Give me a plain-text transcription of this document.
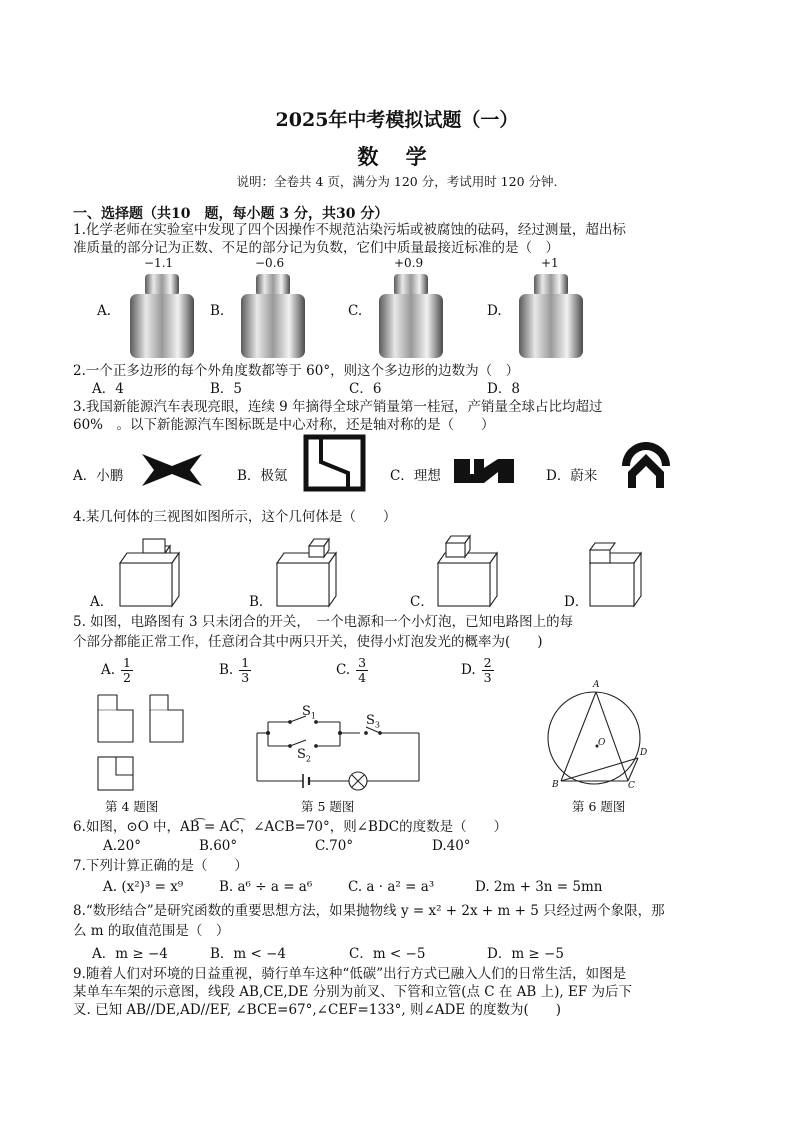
2025年中考模拟试题（一）
数 学
说明：全卷共 4 页，满分为 120 分，考试用时 120 分钟.
一、选择题（共10　题，每小题 3 分，共30 分）
1.化学老师在实验室中发现了四个因操作不规范沾染污垢或被腐蚀的砝码，经过测量，超出标
准质量的部分记为正数、不足的部分记为负数，它们中质量最接近标准的是（　）
−1.1	−0.6	+0.9	+1
A.	B.	C.	D.
2.一个正多边形的每个外角度数都等于 60°，则这个多边形的边数为（　）
A．4	B．5	C．6	D．8
3.我国新能源汽车表现亮眼，连续 9 年摘得全球产销量第一桂冠，产销量全球占比均超过
60%　。以下新能源汽车图标既是中心对称，还是轴对称的是（　　）
A．小鹏	B．极氪	C．理想	D．蔚来
4.某几何体的三视图如图所示，这个几何体是（　　）
A．	B．	C．	D．
5. 如图，电路图有 3 只未闭合的开关，　一个电源和一个小灯泡，已知电路图上的每
个部分都能正常工作，任意闭合其中两只开关，使得小灯泡发光的概率为(　　)
A. $\frac{1}{2}$	B. $\frac{1}{3}$	C. $\frac{3}{4}$	D. $\frac{2}{3}$
$S_1$
$S_2$
$S_3$
A
B	C
D
O
第 4 题图	第 5 题图	第 6 题图
6.如图，⊙O 中，AB͡ = AC͡，∠ACB=70°，则∠BDC的度数是（　　）
A.20°	B.60°	C.70°	D.40°
7.下列计算正确的是（　　）
A. (x²)³ = x⁹	B. a⁶ ÷ a = a⁶	C. a · a² = a³	D. 2m + 3n = 5mn
8.“数形结合”是研究函数的重要思想方法，如果抛物线 y = x² + 2x + m + 5 只经过两个象限，那
么 m 的取值范围是（　）
A．m ≥ −4	B．m < −4	C．m < −5	D．m ≥ −5
9.随着人们对环境的日益重视，骑行单车这种“低碳”出行方式已融入人们的日常生活，如图是
某单车车架的示意图，线段 AB,CE,DE 分别为前叉、下管和立管(点 C 在 AB 上), EF 为后下
叉. 已知 AB//DE,AD//EF, ∠BCE=67°,∠CEF=133°, 则∠ADE 的度数为(　　)
